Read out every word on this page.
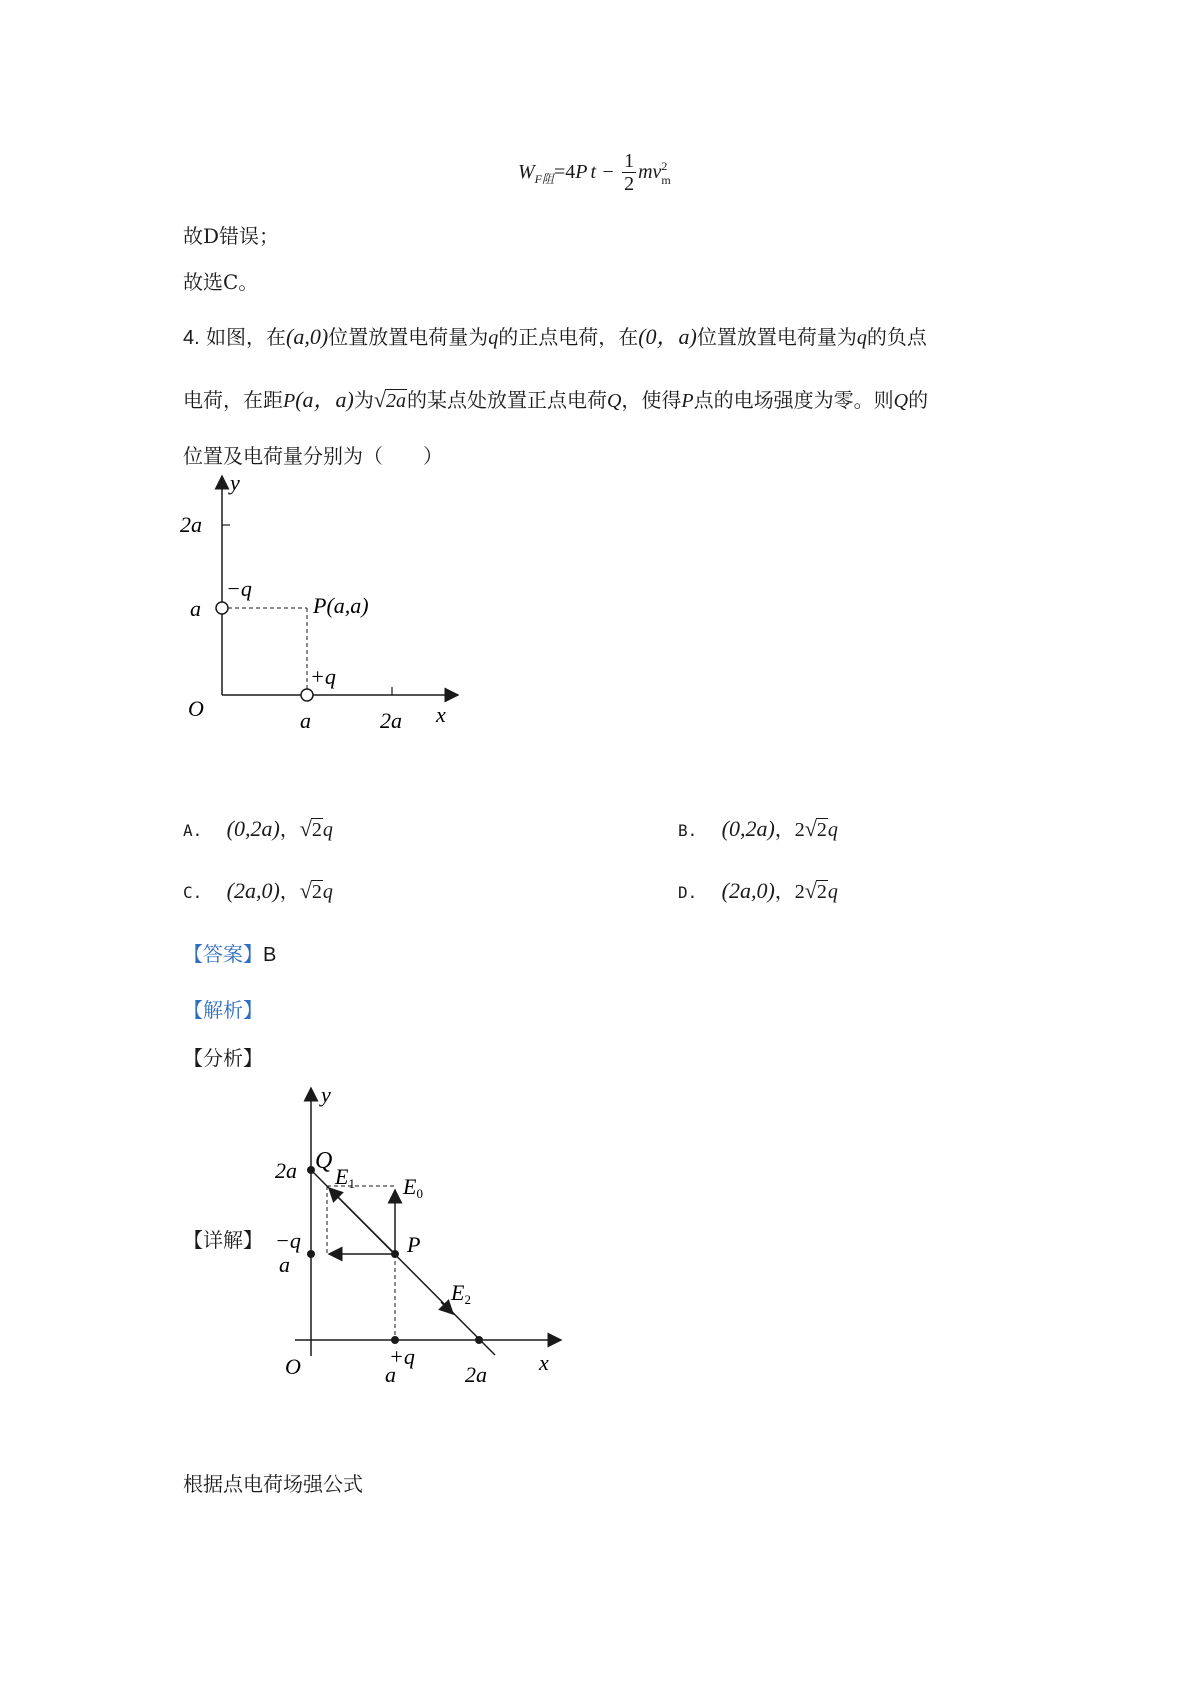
$W_{F阻}=4P$ $t - \frac{1}{2}$ mv 2
m
故D错误；
故选C。
4. 如图，在(a,0)位置放置电荷量为q的正点电荷，在(0，a)位置放置电荷量为q的负点
电荷，在距P(a，a)为√2a的某点处放置正点电荷Q，使得P点的电场强度为零。则Q的
位置及电荷量分别为（　　）
y
x
O
2a
a
a	2a
−q
+q
P(a,a)
A. (0,2a)，√2q	B. (0,2a)，2√2q
C. (2a,0)，√2q	D. (2a,0)，2√2q
【答案】B
【解析】
【分析】
【详解】
y
x
O
Q
E1 E0
P
E2
2a
−q
a
+q
a	2a
根据点电荷场强公式
